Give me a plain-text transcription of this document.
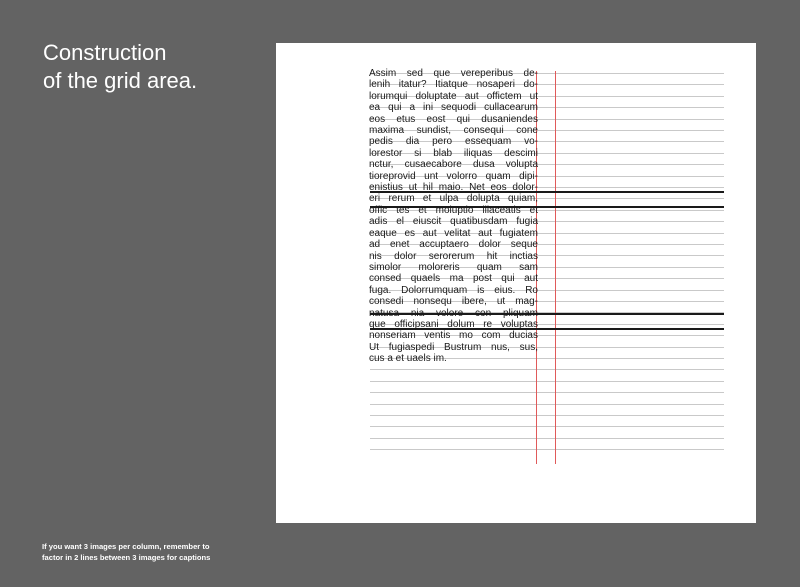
Construction
of the grid area.	Assim sed que vereperibus de-
lenih itatur? Itiatque nosaperi do-
lorumqui doluptate aut offictem ut
ea qui a ini sequodi cullacearum
eos etus eost qui dusaniendes
maxima sundist, consequi cone
pedis dia pero essequam vo-
lorestor si blab iliquas descimi
nctur, cusaecabore dusa volupta
tioreprovid unt volorro quam dipi-
enistius ut hil maio. Net eos dolor-
eri rerum et ulpa dolupta quiam,
offic tes et moluptio illaceatis et
adis el eiuscit quatibusdam fugia
eaque es aut velitat aut fugiatem
ad enet accuptaero dolor seque
nis dolor serorerum hit inctias
simolor moloreris quam sam
consed quaels ma post qui aut
fuga. Dolorrumquam is eius. Ro
consedi nonsequ ibere, ut mag-
natusa nia volore con pliquam
que officipsani dolum re voluptas
nonseriam ventis mo com ducias
Ut fugiaspedi Bustrum nus, sus,
cus a et uaels im.
If you want 3 images per column, remember to
factor in 2 lines between 3 images for captions
